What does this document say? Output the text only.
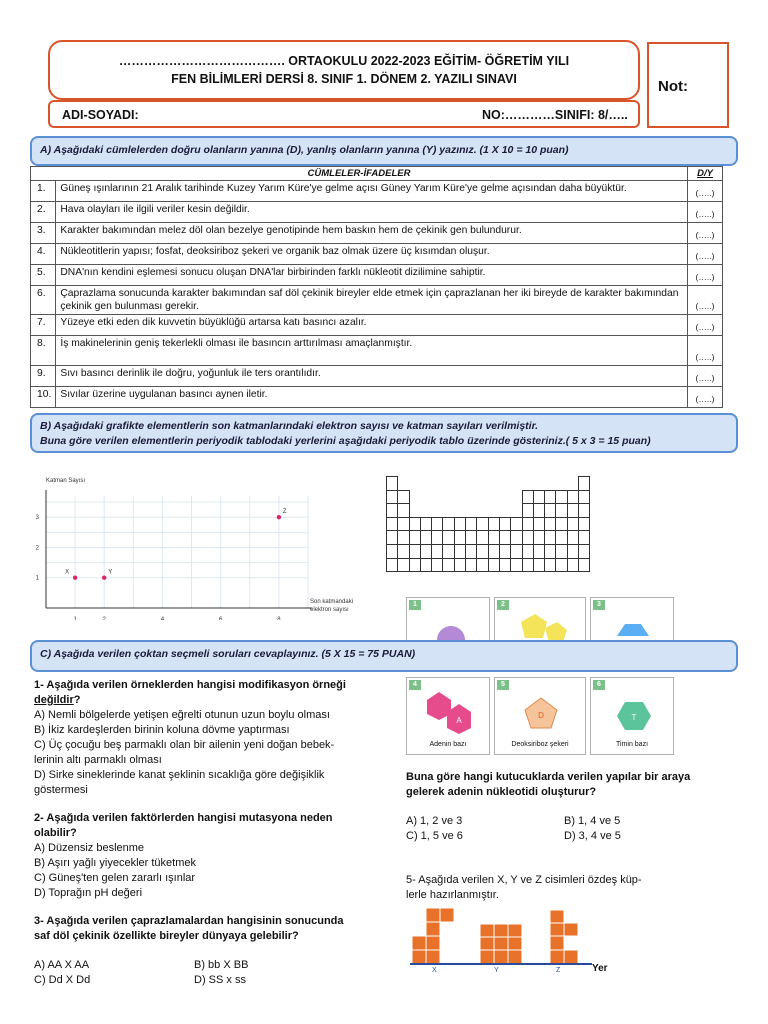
…………………………………. ORTAOKULU 2022-2023 EĞİTİM- ÖĞRETİM YILI
FEN BİLİMLERİ DERSİ 8. SINIF 1. DÖNEM 2. YAZILI SINAVI	Not:
ADI-SOYADI:	NO:…………SINIFI: 8/…..
A) Aşağıdaki cümlelerden doğru olanların yanına (D), yanlış olanların yanına (Y) yazınız. (1 X 10 = 10 puan)
CÜMLELER-İFADELER		D/Y
1.	Güneş ışınlarının 21 Aralık tarihinde Kuzey Yarım Küre'ye gelme açısı Güney Yarım Küre'ye gelme açısından daha büyüktür.	(…..)
2.	Hava olayları ile ilgili veriler kesin değildir.	(…..)
3.	Karakter bakımından melez döl olan bezelye genotipinde hem baskın hem de çekinik gen bulundurur.	(…..)
4.	Nükleotitlerin yapısı; fosfat, deoksiriboz şekeri ve organik baz olmak üzere üç kısımdan oluşur.	(…..)
5.	DNA'nın kendini eşlemesi sonucu oluşan DNA'lar birbirinden farklı nükleotit dizilimine sahiptir.	(…..)
6.	Çaprazlama sonucunda karakter bakımından saf döl çekinik bireyler elde etmek için çaprazlanan her iki bireyde de karakter bakımından çekinik gen bulunması gerekir.	(…..)
7.	Yüzeye etki eden dik kuvvetin büyüklüğü artarsa katı basıncı azalır.	(…..)
8.	İş makinelerinin geniş tekerlekli olması ile basıncın arttırılması amaçlanmıştır.	(…..)
9.	Sıvı basıncı derinlik ile doğru, yoğunluk ile ters orantılıdır.	(…..)
10.	Sıvılar üzerine uygulanan basıncı aynen iletir.	(…..)
B) Aşağıdaki grafikte elementlerin son katmanlarındaki elektron sayısı ve katman sayıları verilmiştir.
Buna göre verilen elementlerin periyodik tablodaki yerlerini aşağıdaki periyodik tablo üzerinde gösteriniz.( 5 x 3 = 15 puan)
1	2	4	6	8
1
2
3
Katman Sayısı
Son katmandaki
elektron sayısı
X	Y
Z

C) Aşağıda verilen çoktan seçmeli soruları cevaplayınız. (5 X 15 = 75 PUAN)
1- Aşağıda verilen örneklerden hangisi modifikasyon örneği
değildir?
A) Nemli bölgelerde yetişen eğrelti otunun uzun boylu olması
B) İkiz kardeşlerden birinin koluna dövme yaptırması
C) Üç çocuğu beş parmaklı olan bir ailenin yeni doğan bebek-
lerinin altı parmaklı olması
D) Sirke sineklerinde kanat şeklinin sıcaklığa göre değişiklik
göstermesi
2- Aşağıda verilen faktörlerden hangisi mutasyona neden
olabilir?
A) Düzensiz beslenme
B) Aşırı yağlı yiyecekler tüketmek
C) Güneş'ten gelen zararlı ışınlar
D) Toprağın pH değeri
3- Aşağıda verilen çaprazlamalardan hangisinin sonucunda
saf döl çekinik özellikte bireyler dünyaya gelebilir?
A) AA X AA	B) bb X BB
C) Dd X Dd	D) SS x ss
1	2	3
4
A
Adenin bazı
5
D
Deoksiriboz şekeri
6
T
Timin bazı
Buna göre hangi kutucuklarda verilen yapılar bir araya
gelerek adenin nükleotidi oluşturur?
A) 1, 2 ve 3	B) 1, 4 ve 5
C) 1, 5 ve 6	D) 3, 4 ve 5
5- Aşağıda verilen X, Y ve Z cisimleri özdeş küp-
lerle hazırlanmıştır.
X	Y	Z	Yer
